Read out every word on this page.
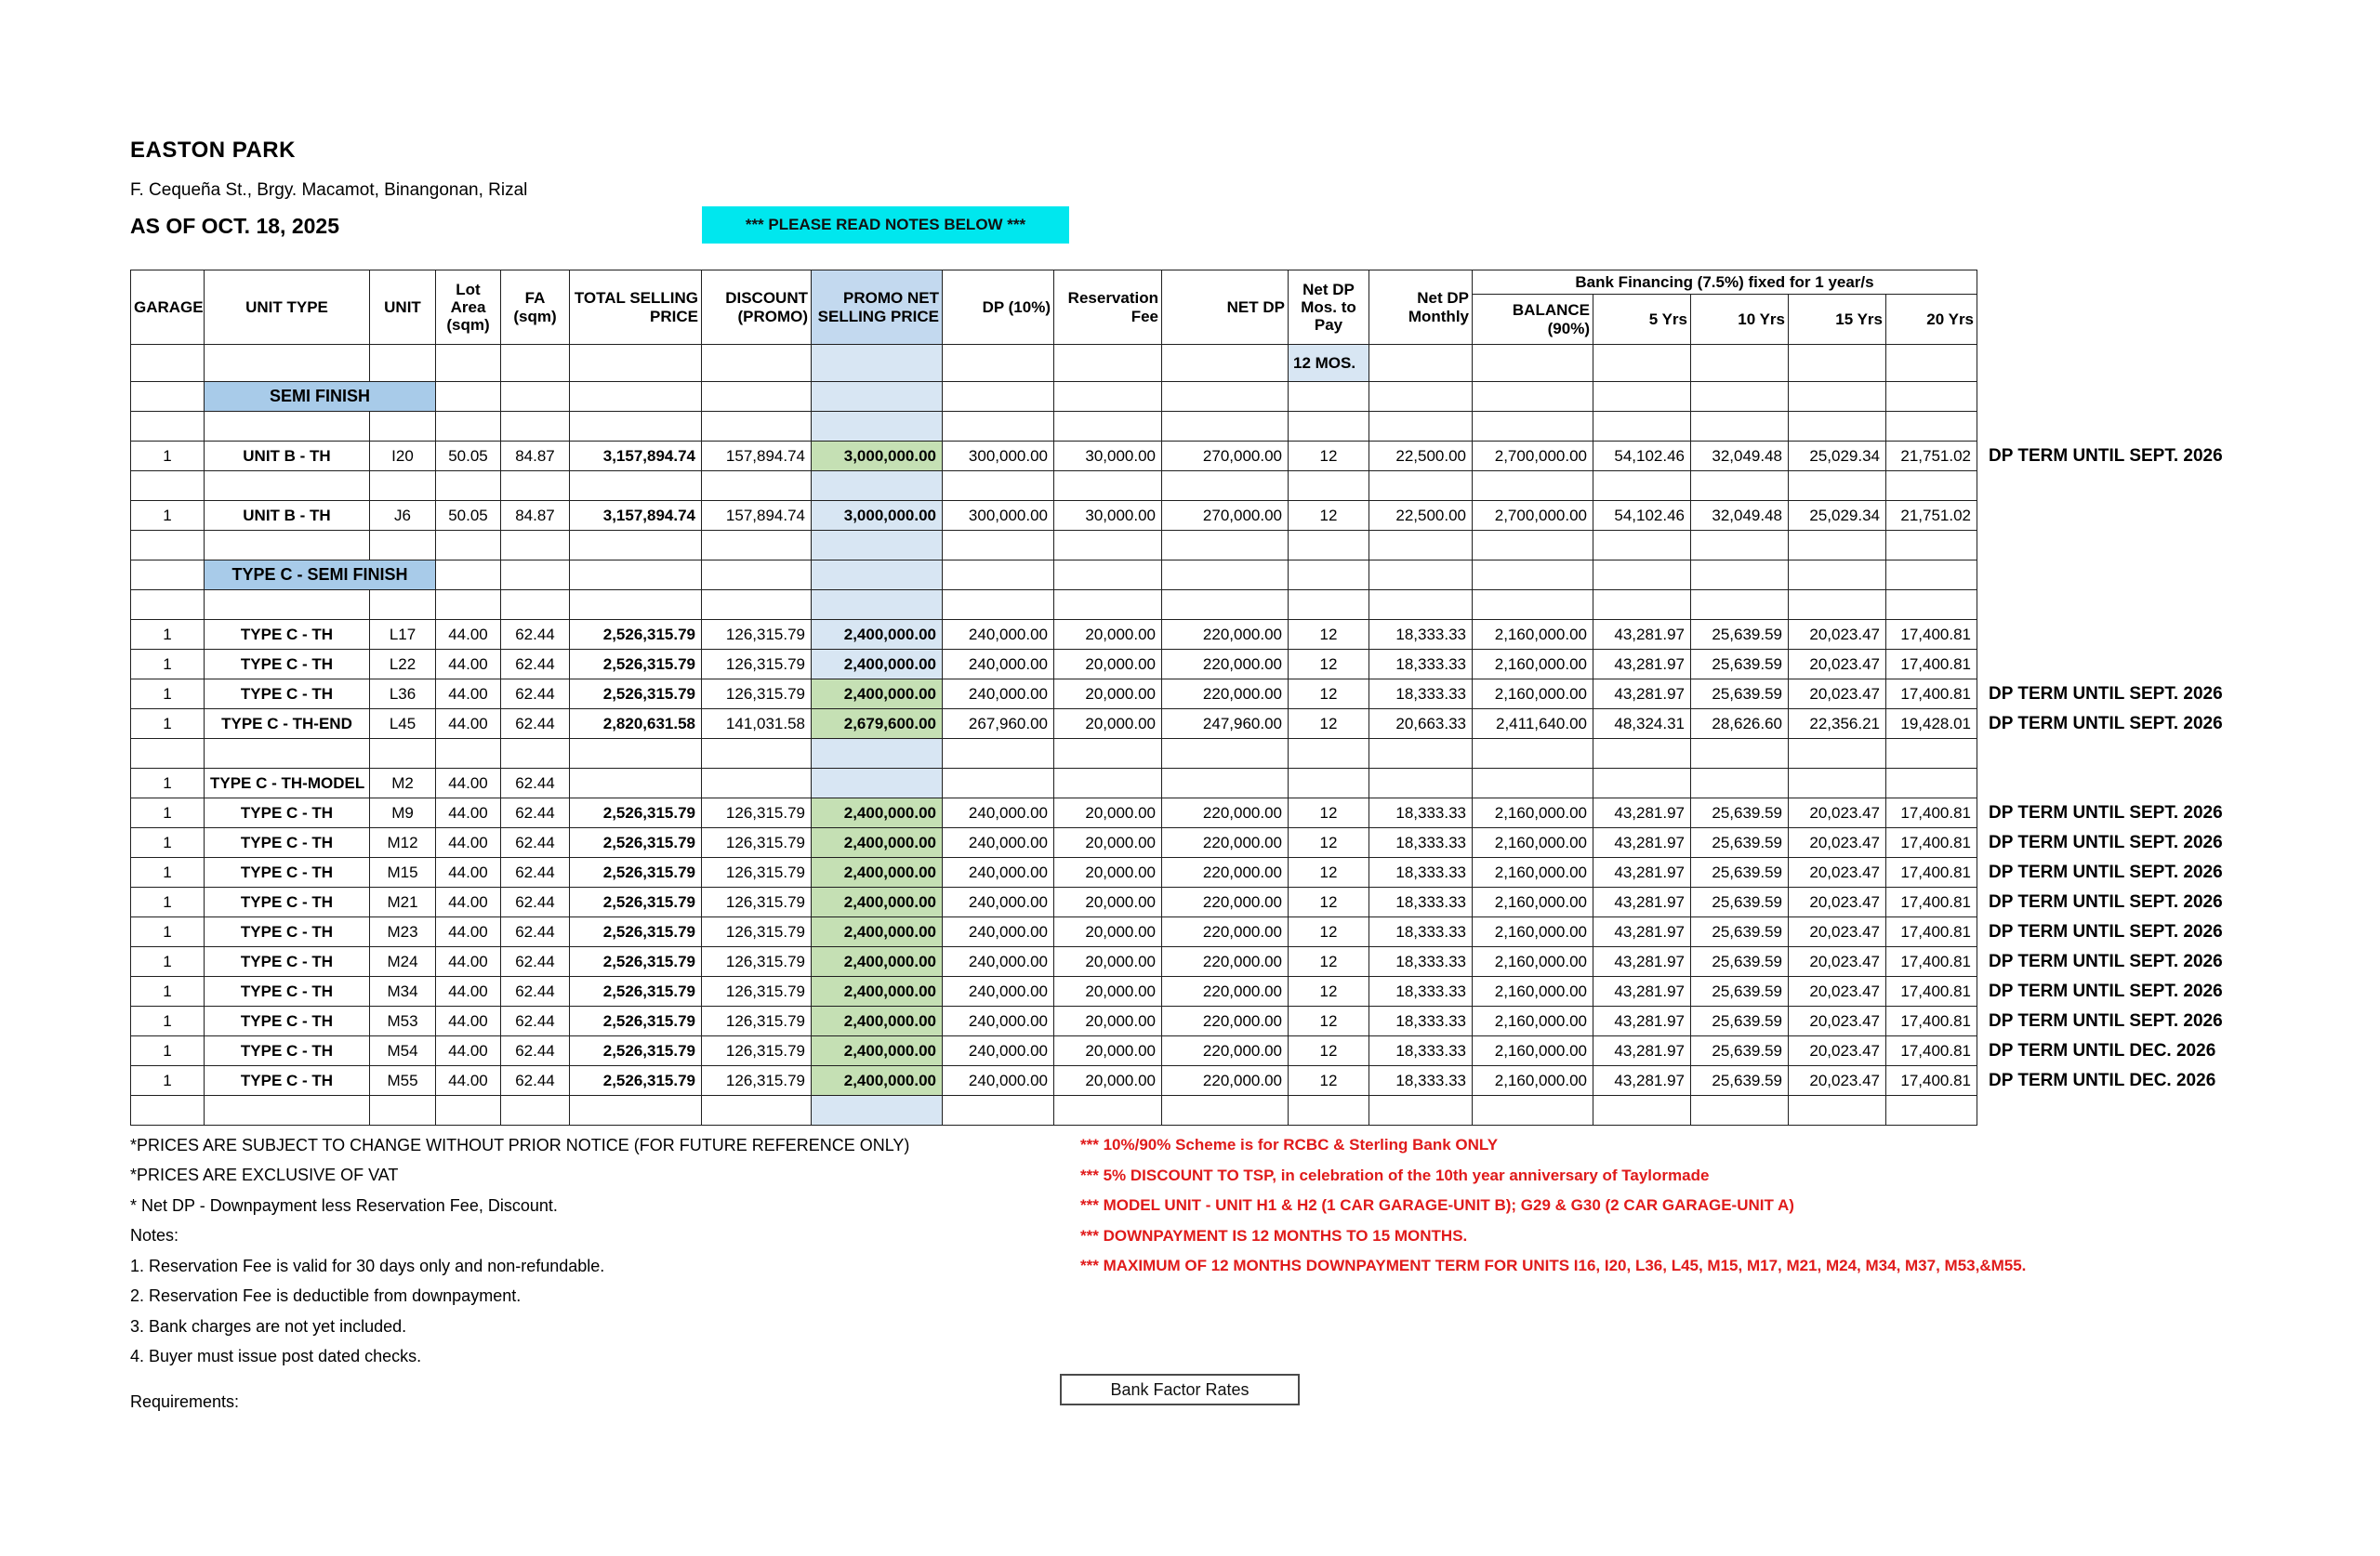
EASTON PARK
F. Cequeña St., Brgy. Macamot, Binangonan, Rizal
AS OF OCT. 18, 2025	*** PLEASE READ NOTES BELOW ***
GARAGE	UNIT TYPE	UNIT	Lot Area (sqm)	FA (sqm)	TOTAL SELLING PRICE	DISCOUNT (PROMO)	PROMO NET SELLING PRICE	DP (10%)	Reservation Fee	NET DP	Net DP Mos. to Pay	Net DP Monthly	Bank Financing (7.5%) fixed for 1 year/s					
													BALANCE (90%)	5 Yrs	10 Yrs	15 Yrs	20 Yrs	
											12 MOS.							
	SEMI FINISH																	

1	UNIT B - TH	I20	50.05	84.87	3,157,894.74	157,894.74	3,000,000.00	300,000.00	30,000.00	270,000.00	12	22,500.00	2,700,000.00	54,102.46	32,049.48	25,029.34	21,751.02	DP TERM UNTIL SEPT. 2026

1	UNIT B - TH	J6	50.05	84.87	3,157,894.74	157,894.74	3,000,000.00	300,000.00	30,000.00	270,000.00	12	22,500.00	2,700,000.00	54,102.46	32,049.48	25,029.34	21,751.02	

	TYPE C - SEMI FINISH																	

1	TYPE C - TH	L17	44.00	62.44	2,526,315.79	126,315.79	2,400,000.00	240,000.00	20,000.00	220,000.00	12	18,333.33	2,160,000.00	43,281.97	25,639.59	20,023.47	17,400.81	
1	TYPE C - TH	L22	44.00	62.44	2,526,315.79	126,315.79	2,400,000.00	240,000.00	20,000.00	220,000.00	12	18,333.33	2,160,000.00	43,281.97	25,639.59	20,023.47	17,400.81	
1	TYPE C - TH	L36	44.00	62.44	2,526,315.79	126,315.79	2,400,000.00	240,000.00	20,000.00	220,000.00	12	18,333.33	2,160,000.00	43,281.97	25,639.59	20,023.47	17,400.81	DP TERM UNTIL SEPT. 2026
1	TYPE C - TH-END	L45	44.00	62.44	2,820,631.58	141,031.58	2,679,600.00	267,960.00	20,000.00	247,960.00	12	20,663.33	2,411,640.00	48,324.31	28,626.60	22,356.21	19,428.01	DP TERM UNTIL SEPT. 2026

1	TYPE C - TH-MODEL	M2	44.00	62.44														
1	TYPE C - TH	M9	44.00	62.44	2,526,315.79	126,315.79	2,400,000.00	240,000.00	20,000.00	220,000.00	12	18,333.33	2,160,000.00	43,281.97	25,639.59	20,023.47	17,400.81	DP TERM UNTIL SEPT. 2026
1	TYPE C - TH	M12	44.00	62.44	2,526,315.79	126,315.79	2,400,000.00	240,000.00	20,000.00	220,000.00	12	18,333.33	2,160,000.00	43,281.97	25,639.59	20,023.47	17,400.81	DP TERM UNTIL SEPT. 2026
1	TYPE C - TH	M15	44.00	62.44	2,526,315.79	126,315.79	2,400,000.00	240,000.00	20,000.00	220,000.00	12	18,333.33	2,160,000.00	43,281.97	25,639.59	20,023.47	17,400.81	DP TERM UNTIL SEPT. 2026
1	TYPE C - TH	M21	44.00	62.44	2,526,315.79	126,315.79	2,400,000.00	240,000.00	20,000.00	220,000.00	12	18,333.33	2,160,000.00	43,281.97	25,639.59	20,023.47	17,400.81	DP TERM UNTIL SEPT. 2026
1	TYPE C - TH	M23	44.00	62.44	2,526,315.79	126,315.79	2,400,000.00	240,000.00	20,000.00	220,000.00	12	18,333.33	2,160,000.00	43,281.97	25,639.59	20,023.47	17,400.81	DP TERM UNTIL SEPT. 2026
1	TYPE C - TH	M24	44.00	62.44	2,526,315.79	126,315.79	2,400,000.00	240,000.00	20,000.00	220,000.00	12	18,333.33	2,160,000.00	43,281.97	25,639.59	20,023.47	17,400.81	DP TERM UNTIL SEPT. 2026
1	TYPE C - TH	M34	44.00	62.44	2,526,315.79	126,315.79	2,400,000.00	240,000.00	20,000.00	220,000.00	12	18,333.33	2,160,000.00	43,281.97	25,639.59	20,023.47	17,400.81	DP TERM UNTIL SEPT. 2026
1	TYPE C - TH	M53	44.00	62.44	2,526,315.79	126,315.79	2,400,000.00	240,000.00	20,000.00	220,000.00	12	18,333.33	2,160,000.00	43,281.97	25,639.59	20,023.47	17,400.81	DP TERM UNTIL SEPT. 2026
1	TYPE C - TH	M54	44.00	62.44	2,526,315.79	126,315.79	2,400,000.00	240,000.00	20,000.00	220,000.00	12	18,333.33	2,160,000.00	43,281.97	25,639.59	20,023.47	17,400.81	DP TERM UNTIL DEC. 2026
1	TYPE C - TH	M55	44.00	62.44	2,526,315.79	126,315.79	2,400,000.00	240,000.00	20,000.00	220,000.00	12	18,333.33	2,160,000.00	43,281.97	25,639.59	20,023.47	17,400.81	DP TERM UNTIL DEC. 2026

*PRICES ARE SUBJECT TO CHANGE WITHOUT PRIOR NOTICE (FOR FUTURE REFERENCE ONLY)
*PRICES ARE EXCLUSIVE OF VAT
* Net DP - Downpayment less Reservation Fee, Discount.
Notes:
1. Reservation Fee is valid for 30 days only and non-refundable.
2. Reservation Fee is deductible from downpayment.
3. Bank charges are not yet included.
4. Buyer must issue post dated checks.
*** 10%/90% Scheme is for RCBC & Sterling Bank ONLY
*** 5% DISCOUNT TO TSP, in celebration of the 10th year anniversary of Taylormade
*** MODEL UNIT - UNIT H1 & H2 (1 CAR GARAGE-UNIT B); G29 & G30 (2 CAR GARAGE-UNIT A)
*** DOWNPAYMENT IS 12 MONTHS TO 15 MONTHS.
*** MAXIMUM OF 12 MONTHS DOWNPAYMENT TERM FOR UNITS I16, I20, L36, L45, M15, M17, M21, M24, M34, M37, M53,&M55.
Requirements:
Bank Factor Rates
